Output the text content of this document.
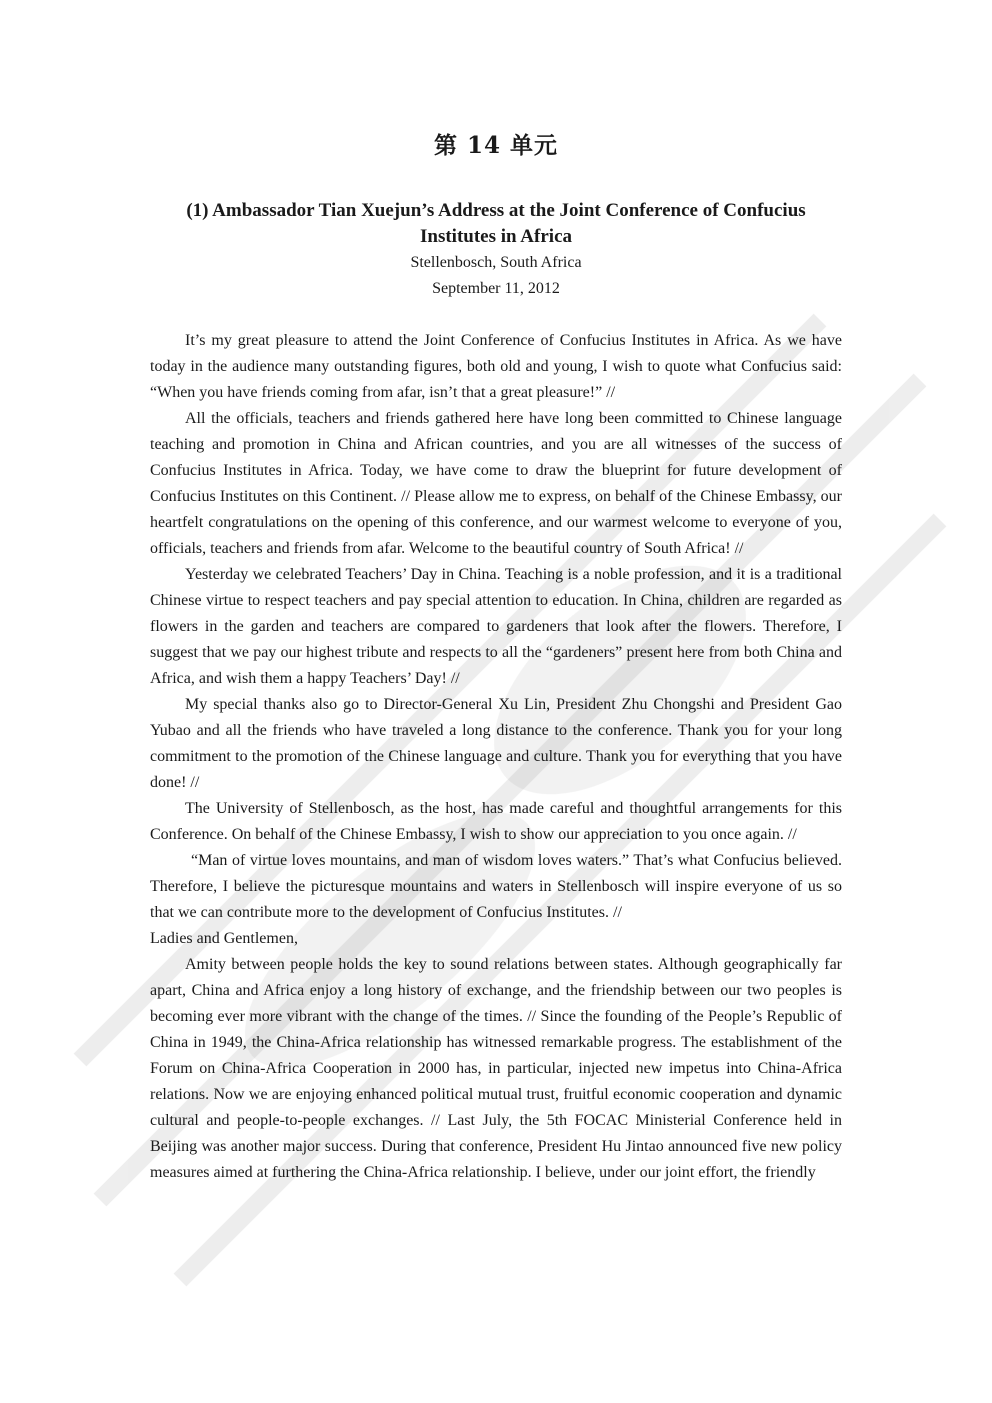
第 14 单元
(1) Ambassador Tian Xuejun’s Address at the Joint Conference of Confucius
Institutes in Africa
Stellenbosch, South Africa
September 11, 2012

It’s my great pleasure to attend the Joint Conference of Confucius Institutes in Africa. As we have today in the audience many outstanding figures, both old and young, I wish to quote what Confucius said: “When you have friends coming from afar, isn’t that a great pleasure!” //

All the officials, teachers and friends gathered here have long been committed to Chinese language teaching and promotion in China and African countries, and you are all witnesses of the success of Confucius Institutes in Africa. Today, we have come to draw the blueprint for future development of Confucius Institutes on this Continent. // Please allow me to express, on behalf of the Chinese Embassy, our heartfelt congratulations on the opening of this conference, and our warmest welcome to everyone of you, officials, teachers and friends from afar. Welcome to the beautiful country of South Africa! //

Yesterday we celebrated Teachers’ Day in China. Teaching is a noble profession, and it is a traditional Chinese virtue to respect teachers and pay special attention to education. In China, children are regarded as flowers in the garden and teachers are compared to gardeners that look after the flowers. Therefore, I suggest that we pay our highest tribute and respects to all the “gardeners” present here from both China and Africa, and wish them a happy Teachers’ Day! //

My special thanks also go to Director-General Xu Lin, President Zhu Chongshi and President Gao Yubao and all the friends who have traveled a long distance to the conference. Thank you for your long commitment to the promotion of the Chinese language and culture. Thank you for everything that you have done! //

The University of Stellenbosch, as the host, has made careful and thoughtful arrangements for this Conference. On behalf of the Chinese Embassy, I wish to show our appreciation to you once again. //

“Man of virtue loves mountains, and man of wisdom loves waters.” That’s what Confucius believed. Therefore, I believe the picturesque mountains and waters in Stellenbosch will inspire everyone of us so that we can contribute more to the development of Confucius Institutes. //

Ladies and Gentlemen,

Amity between people holds the key to sound relations between states. Although geographically far apart, China and Africa enjoy a long history of exchange, and the friendship between our two peoples is becoming ever more vibrant with the change of the times. // Since the founding of the People’s Republic of China in 1949, the China-Africa relationship has witnessed remarkable progress. The establishment of the Forum on China-Africa Cooperation in 2000 has, in particular, injected new impetus into China-Africa relations. Now we are enjoying enhanced political mutual trust, fruitful economic cooperation and dynamic cultural and people-to-people exchanges. // Last July, the 5th FOCAC Ministerial Conference held in Beijing was another major success. During that conference, President Hu Jintao announced five new policy measures aimed at furthering the China-Africa relationship. I believe, under our joint effort, the friendly
